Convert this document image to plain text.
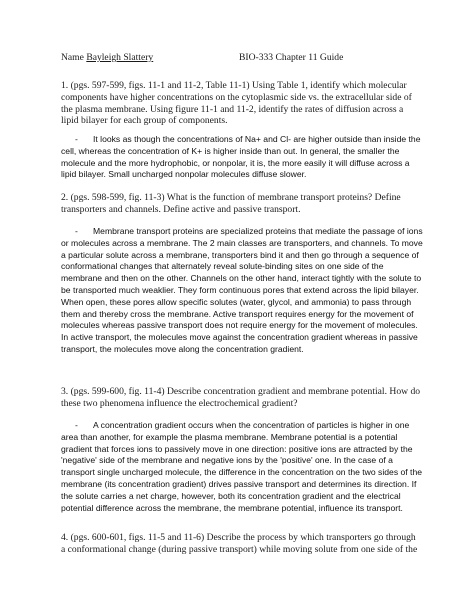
Name Bayleigh Slattery	BIO-333 Chapter 11 Guide

1. (pgs. 597-599, figs. 11-1 and 11-2, Table 11-1) Using Table 1, identify which molecular components have higher concentrations on the cytoplasmic side vs. the extracellular side of the plasma membrane. Using figure 11-1 and 11-2, identify the rates of diffusion across a lipid bilayer for each group of components.

- It looks as though the concentrations of Na+ and Cl- are higher outside than inside the
cell, whereas the concentration of K+ is higher inside than out. In general, the smaller the molecule and the more hydrophobic, or nonpolar, it is, the more easily it will diffuse across a lipid bilayer. Small uncharged nonpolar molecules diffuse slower.

2. (pgs. 598-599, fig. 11-3) What is the function of membrane transport proteins? Define transporters and channels. Define active and passive transport.

- Membrane transport proteins are specialized proteins that mediate the passage of ions
or molecules across a membrane. The 2 main classes are transporters, and channels. To move a particular solute across a membrane, transporters bind it and then go through a sequence of conformational changes that alternately reveal solute-binding sites on one side of the membrane and then on the other. Channels on the other hand, interact tightly with the solute to be transported much weaklier. They form continuous pores that extend across the lipid bilayer. When open, these pores allow specific solutes (water, glycol, and ammonia) to pass through them and thereby cross the membrane. Active transport requires energy for the movement of molecules whereas passive transport does not require energy for the movement of molecules. In active transport, the molecules move against the concentration gradient whereas in passive transport, the molecules move along the concentration gradient.

3. (pgs. 599-600, fig. 11-4) Describe concentration gradient and membrane potential. How do these two phenomena influence the electrochemical gradient?

- A concentration gradient occurs when the concentration of particles is higher in one
area than another, for example the plasma membrane. Membrane potential is a potential gradient that forces ions to passively move in one direction: positive ions are attracted by the 'negative' side of the membrane and negative ions by the 'positive' one. In the case of a transport single uncharged molecule, the difference in the concentration on the two sides of the membrane (its concentration gradient) drives passive transport and determines its direction. If the solute carries a net charge, however, both its concentration gradient and the electrical potential difference across the membrane, the membrane potential, influence its transport.

4. (pgs. 600-601, figs. 11-5 and 11-6) Describe the process by which transporters go through a conformational change (during passive transport) while moving solute from one side of the
